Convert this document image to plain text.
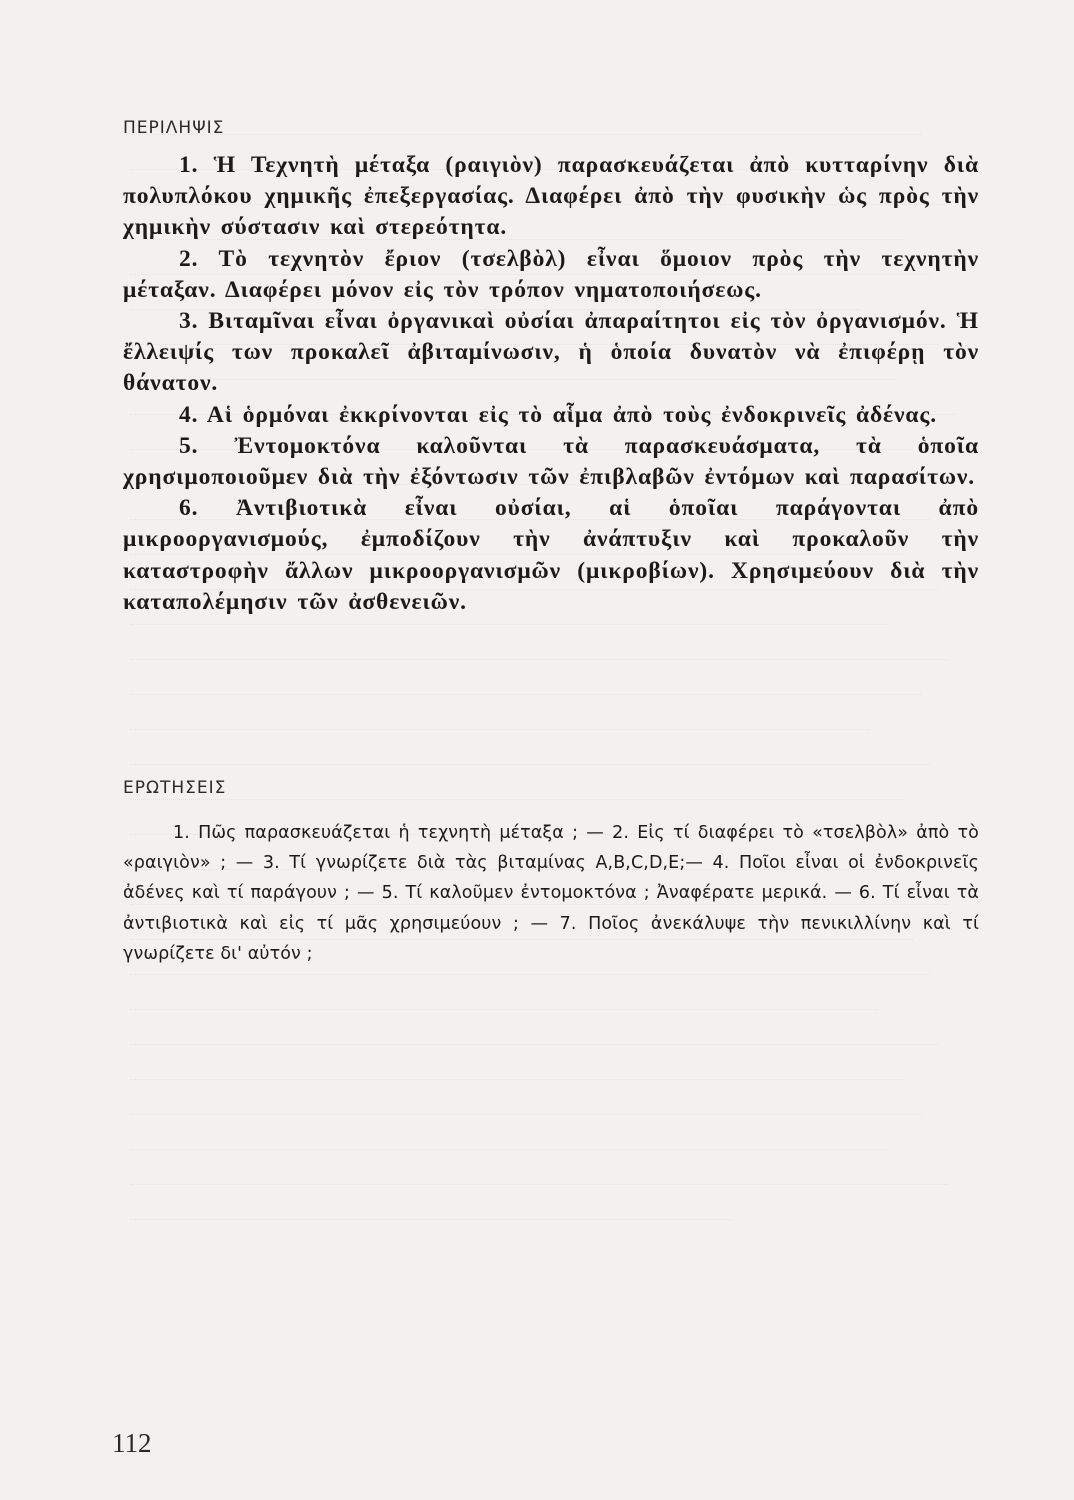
ΠΕΡΙΛΗΨΙΣ

1. Ἡ Τεχνητὴ μέταξα (ραιγιὸν) παρασκευάζεται ἀπὸ κυτταρίνην διὰ πολυπλόκου χημικῆς ἐπεξεργασίας. Διαφέρει ἀπὸ τὴν φυσικὴν ὡς πρὸς τὴν χημικὴν σύστασιν καὶ στερεότητα.

2. Τὸ τεχνητὸν ἔριον (τσελβὸλ) εἶναι ὅμοιον πρὸς τὴν τεχνητὴν μέταξαν. Διαφέρει μόνον εἰς τὸν τρόπον νηματοποιήσεως.

3. Βιταμῖναι εἶναι ὀργανικαὶ οὐσίαι ἀπαραίτητοι εἰς τὸν ὀργανισμόν. Ἡ ἔλλειψίς των προκαλεῖ ἀβιταμίνωσιν, ἡ ὁποία δυνατὸν νὰ ἐπιφέρῃ τὸν θάνατον.

4. Αἱ ὁρμόναι ἐκκρίνονται εἰς τὸ αἷμα ἀπὸ τοὺς ἐνδοκρινεῖς ἀδένας.

5. Ἐντομοκτόνα καλοῦνται τὰ παρασκευάσματα, τὰ ὁποῖα χρησιμοποιοῦμεν διὰ τὴν ἐξόντωσιν τῶν ἐπιβλαβῶν ἐντόμων καὶ παρασίτων.

6. Ἀντιβιοτικὰ εἶναι οὐσίαι, αἱ ὁποῖαι παράγονται ἀπὸ μικροοργανισμούς, ἐμποδίζουν τὴν ἀνάπτυξιν καὶ προκαλοῦν τὴν καταστροφὴν ἄλλων μικροοργανισμῶν (μικροβίων). Χρησιμεύουν διὰ τὴν καταπολέμησιν τῶν ἀσθενειῶν.

ΕΡΩΤΗΣΕΙΣ

1. Πῶς παρασκευάζεται ἡ τεχνητὴ μέταξα ; — 2. Εἰς τί διαφέρει τὸ «τσελβὸλ» ἀπὸ τὸ «ραιγιὸν» ; — 3. Τί γνωρίζετε διὰ τὰς βιταμίνας A,B,C,D,E;— 4. Ποῖοι εἶναι οἱ ἐνδοκρινεῖς ἀδένες καὶ τί παράγουν ; — 5. Τί καλοῦμεν ἐντομοκτόνα ; Ἀναφέρατε μερικά. — 6. Τί εἶναι τὰ ἀντιβιοτικὰ καὶ εἰς τί μᾶς χρησιμεύουν ; — 7. Ποῖος ἀνεκάλυψε τὴν πενικιλλίνην καὶ τί γνωρίζετε δι' αὐτόν ;

112
